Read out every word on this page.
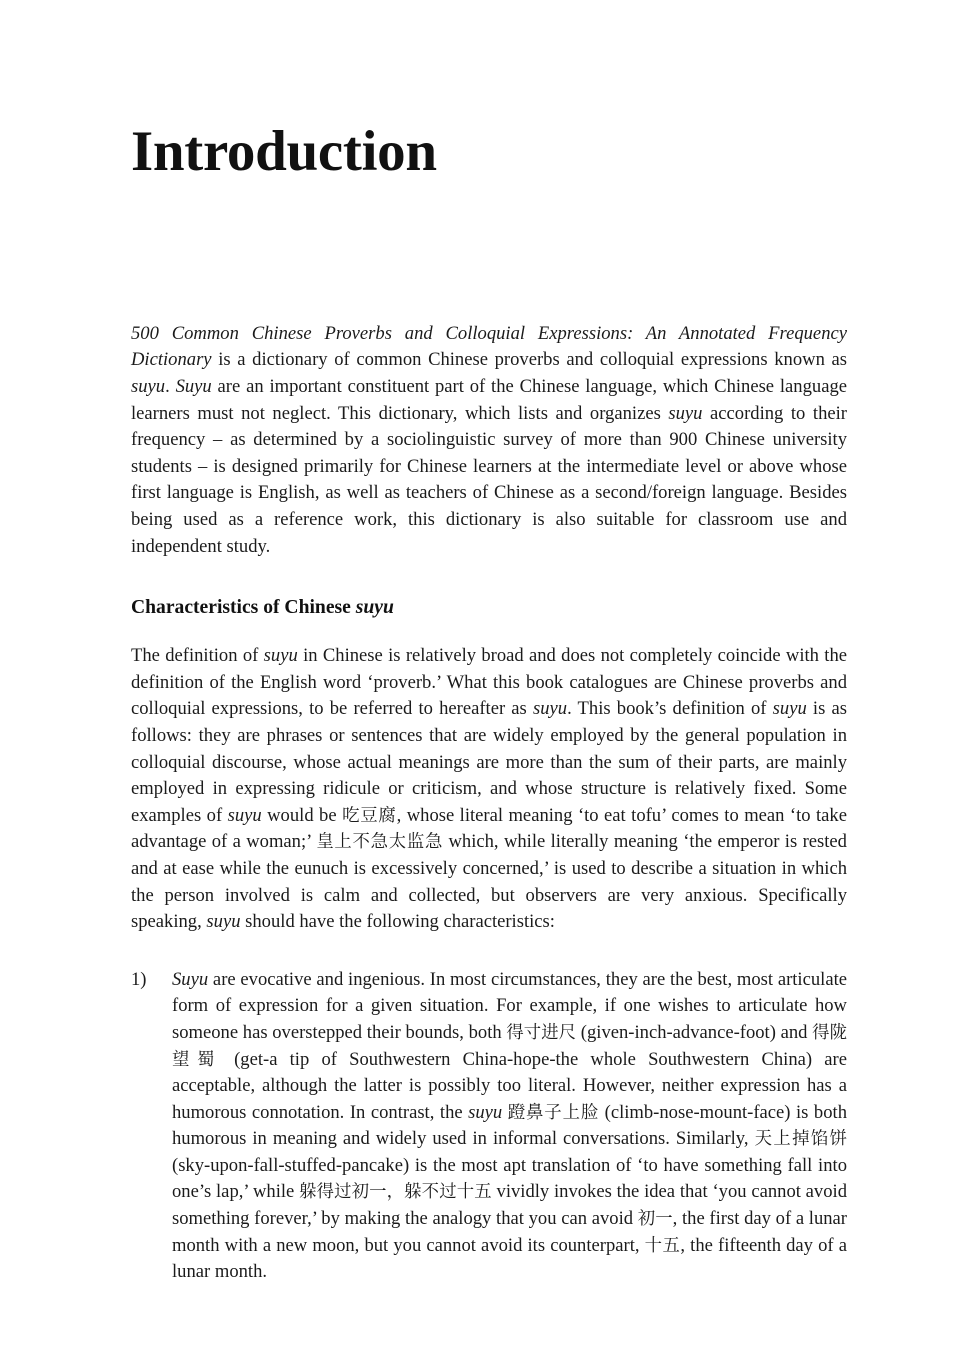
Introduction

500 Common Chinese Proverbs and Colloquial Expressions: An Annotated Frequency Dictionary is a dictionary of common Chinese proverbs and colloquial expressions known as suyu. Suyu are an important constituent part of the Chinese language, which Chinese language learners must not neglect. This dictionary, which lists and organizes suyu according to their frequency – as determined by a sociolinguistic survey of more than 900 Chinese university students – is designed primarily for Chinese learners at the intermediate level or above whose first language is English, as well as teachers of Chinese as a second/foreign language. Besides being used as a reference work, this dictionary is also suitable for classroom use and independent study.

Characteristics of Chinese suyu

The definition of suyu in Chinese is relatively broad and does not completely coincide with the definition of the English word ‘proverb.’ What this book catalogues are Chinese proverbs and colloquial expressions, to be referred to hereafter as suyu. This book’s definition of suyu is as follows: they are phrases or sentences that are widely employed by the general population in colloquial discourse, whose actual meanings are more than the sum of their parts, are mainly employed in expressing ridicule or criticism, and whose structure is relatively fixed. Some examples of suyu would be 吃豆腐, whose literal meaning ‘to eat tofu’ comes to mean ‘to take advantage of a woman;’ 皇上不急太监急 which, while literally meaning ‘the emperor is rested and at ease while the eunuch is excessively concerned,’ is used to describe a situation in which the person involved is calm and collected, but observers are very anxious. Specifically speaking, suyu should have the following characteristics:

1)	Suyu are evocative and ingenious. In most circumstances, they are the best, most articulate form of expression for a given situation. For example, if one wishes to articulate how someone has overstepped their bounds, both 得寸进尺 (given-inch-advance-foot) and 得陇望蜀 (get-a tip of Southwestern China-hope-the whole Southwestern China) are acceptable, although the latter is possibly too literal. However, neither expression has a humorous connotation. In contrast, the suyu 蹬鼻子上脸 (climb-nose-mount-face) is both humorous in meaning and widely used in informal conversations. Similarly, 天上掉馅饼 (sky-upon-fall-stuffed-pancake) is the most apt translation of ‘to have something fall into one’s lap,’ while 躲得过初一，躲不过十五 vividly invokes the idea that ‘you cannot avoid something forever,’ by making the analogy that you can avoid 初一, the first day of a lunar month with a new moon, but you cannot avoid its counterpart, 十五, the fifteenth day of a lunar month.
